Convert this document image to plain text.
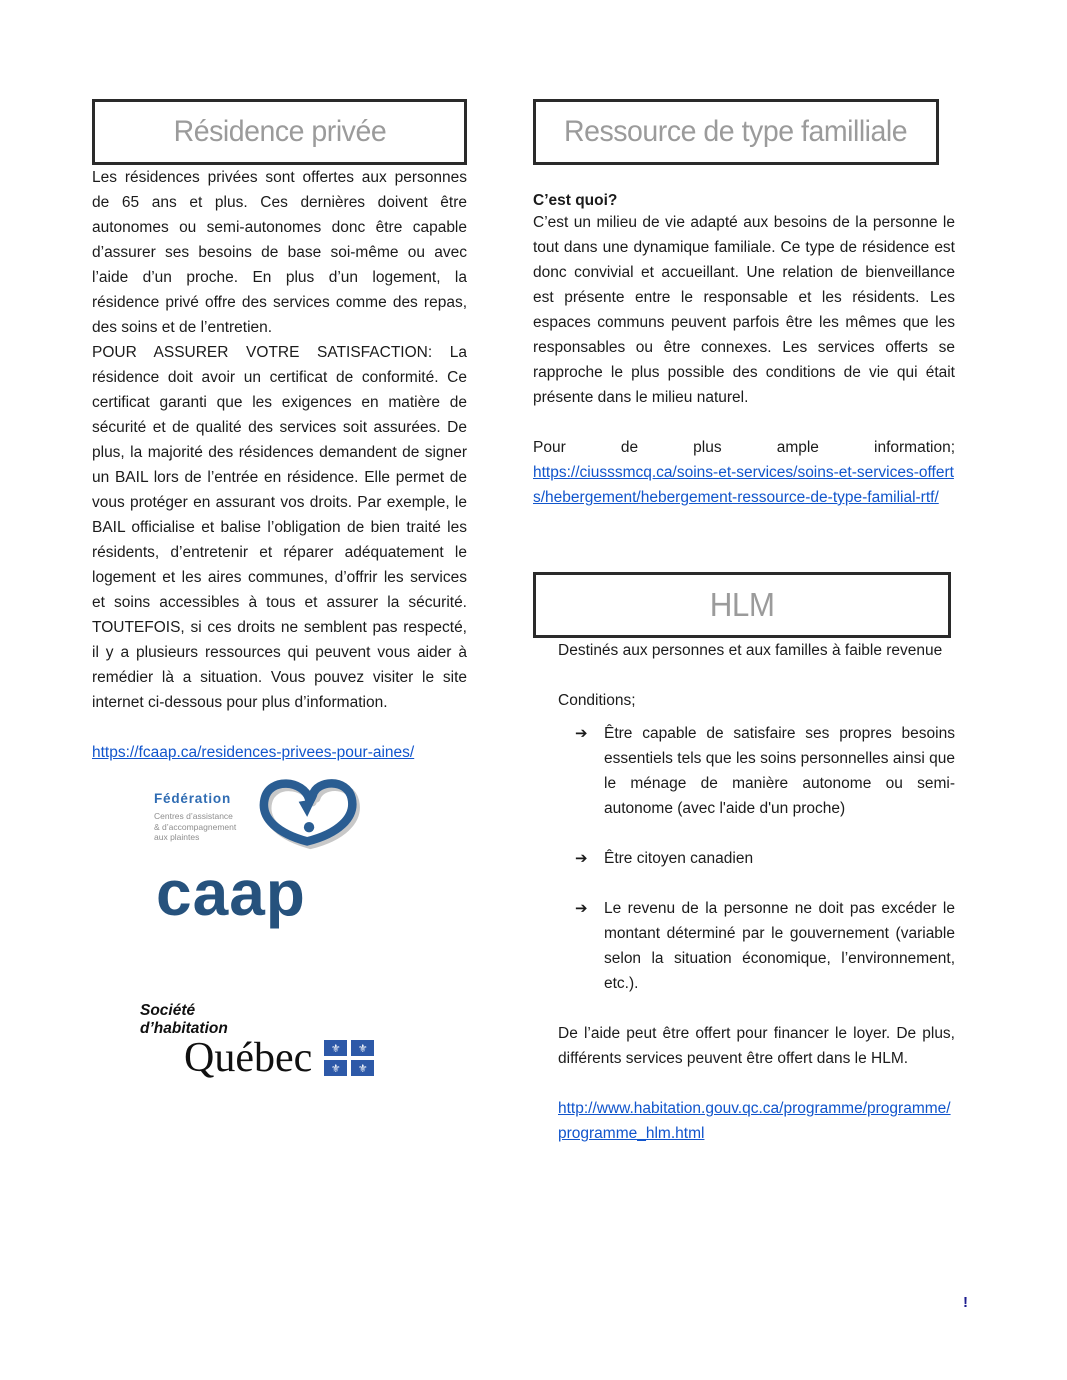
Résidence privée

Les résidences privées sont offertes aux personnes de 65 ans et plus. Ces dernières doivent être autonomes ou semi-autonomes donc être capable d’assurer ses besoins de base soi-même ou avec l’aide d’un proche. En plus d’un logement, la résidence privé offre des services comme des repas, des soins et de l’entretien.

POUR ASSURER VOTRE SATISFACTION: La résidence doit avoir un certificat de conformité. Ce certificat garanti que les exigences en matière de sécurité et de qualité des services soit assurées. De plus, la majorité des résidences demandent de signer un BAIL lors de l’entrée en résidence. Elle permet de vous protéger en assurant vos droits. Par exemple, le BAIL officialise et balise l’obligation de bien traité les résidents, d’entretenir et réparer adéquatement le logement et les aires communes, d’offrir les services et soins accessibles à tous et assurer la sécurité. TOUTEFOIS, si ces droits ne semblent pas respecté, il y a plusieurs ressources qui peuvent vous aider à remédier là a situation. Vous pouvez visiter le site internet ci-dessous pour plus d’information.

https://fcaap.ca/residences-privees-pour-aines/
Fédération
Centres d’assistance
& d’accompagnement
aux plaintes
caap
Société
d’habitation
Québec	⚜	⚜
⚜	⚜
Ressource de type familliale

C’est quoi?

C’est un milieu de vie adapté aux besoins de la personne le tout dans une dynamique familiale. Ce type de résidence est donc convivial et accueillant. Une relation de bienveillance est présente entre le responsable et les résidents. Les espaces communs peuvent parfois être les mêmes que les responsables ou être connexes. Les services offerts se rapproche le plus possible des conditions de vie qui était présente dans le milieu naturel.

Pour de plus ample information;

https://ciusssmcq.ca/soins-et-services/soins-et-services-offerts/hebergement/hebergement-ressource-de-type-familial-rtf/
HLM

Destinés aux personnes et aux familles à faible revenue

Conditions;

➔	Être capable de satisfaire ses propres besoins essentiels tels que les soins personnelles ainsi que le ménage de manière autonome ou semi-autonome (avec l'aide d'un proche)
➔	Être citoyen canadien
➔	Le revenu de la personne ne doit pas excéder le montant déterminé par le gouvernement (variable selon la situation économique, l’environnement, etc.).

De l’aide peut être offert pour financer le loyer. De plus, différents services peuvent être offert dans le HLM.

http://www.habitation.gouv.qc.ca/programme/programme/programme_hlm.html
!
